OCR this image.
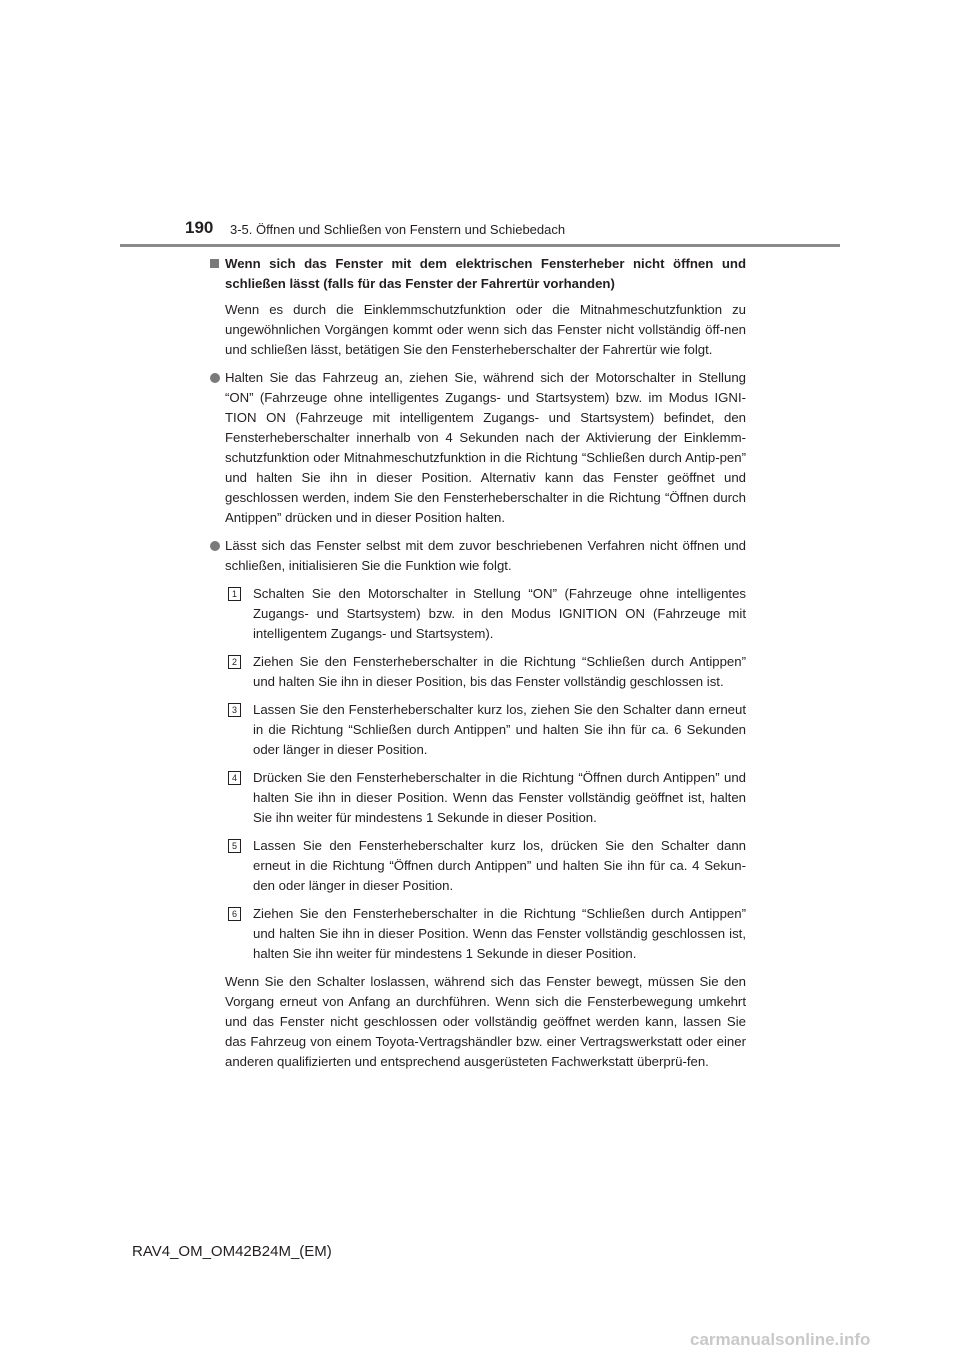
190 3-5. Öffnen und Schließen von Fenstern und Schiebedach
Wenn sich das Fenster mit dem elektrischen Fensterheber nicht öffnen und schließen lässt (falls für das Fenster der Fahrertür vorhanden)

Wenn es durch die Einklemmschutzfunktion oder die Mitnahmeschutzfunktion zu ungewöhnlichen Vorgängen kommt oder wenn sich das Fenster nicht vollständig öff-nen und schließen lässt, betätigen Sie den Fensterheberschalter der Fahrertür wie folgt.

Halten Sie das Fahrzeug an, ziehen Sie, während sich der Motorschalter in Stellung “ON” (Fahrzeuge ohne intelligentes Zugangs- und Startsystem) bzw. im Modus IGNI-TION ON (Fahrzeuge mit intelligentem Zugangs- und Startsystem) befindet, den Fensterheberschalter innerhalb von 4 Sekunden nach der Aktivierung der Einklemm-schutzfunktion oder Mitnahmeschutzfunktion in die Richtung “Schließen durch Antip-pen” und halten Sie ihn in dieser Position. Alternativ kann das Fenster geöffnet und geschlossen werden, indem Sie den Fensterheberschalter in die Richtung “Öffnen durch Antippen” drücken und in dieser Position halten.
Lässt sich das Fenster selbst mit dem zuvor beschriebenen Verfahren nicht öffnen und schließen, initialisieren Sie die Funktion wie folgt.
1	Schalten Sie den Motorschalter in Stellung “ON” (Fahrzeuge ohne intelligentes Zugangs- und Startsystem) bzw. in den Modus IGNITION ON (Fahrzeuge mit intelligentem Zugangs- und Startsystem).
2	Ziehen Sie den Fensterheberschalter in die Richtung “Schließen durch Antippen” und halten Sie ihn in dieser Position, bis das Fenster vollständig geschlossen ist.
3	Lassen Sie den Fensterheberschalter kurz los, ziehen Sie den Schalter dann erneut in die Richtung “Schließen durch Antippen” und halten Sie ihn für ca. 6 Sekunden oder länger in dieser Position.
4	Drücken Sie den Fensterheberschalter in die Richtung “Öffnen durch Antippen” und halten Sie ihn in dieser Position. Wenn das Fenster vollständig geöffnet ist, halten Sie ihn weiter für mindestens 1 Sekunde in dieser Position.
5	Lassen Sie den Fensterheberschalter kurz los, drücken Sie den Schalter dann erneut in die Richtung “Öffnen durch Antippen” und halten Sie ihn für ca. 4 Sekun-den oder länger in dieser Position.
6	Ziehen Sie den Fensterheberschalter in die Richtung “Schließen durch Antippen” und halten Sie ihn in dieser Position. Wenn das Fenster vollständig geschlossen ist, halten Sie ihn weiter für mindestens 1 Sekunde in dieser Position.

Wenn Sie den Schalter loslassen, während sich das Fenster bewegt, müssen Sie den Vorgang erneut von Anfang an durchführen. Wenn sich die Fensterbewegung umkehrt und das Fenster nicht geschlossen oder vollständig geöffnet werden kann, lassen Sie das Fahrzeug von einem Toyota-Vertragshändler bzw. einer Vertragswerkstatt oder einer anderen qualifizierten und entsprechend ausgerüsteten Fachwerkstatt überprü-fen.

RAV4_OM_OM42B24M_(EM)
carmanualsonline.info
